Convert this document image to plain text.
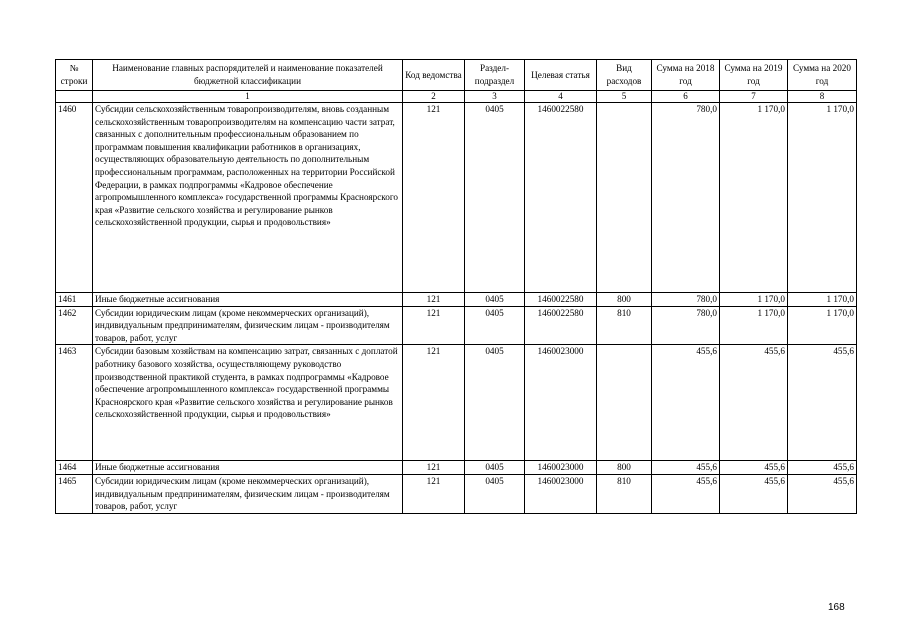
№ строки	Наименование главных распорядителей и наименование показателей бюджетной классификации	Код ведомства	Раздел-подраздел	Целевая статья	Вид расходов	Сумма на 2018 год	Сумма на 2019 год	Сумма на 2020 год
	1	2	3	4	5	6	7	8
1460	Субсидии сельскохозяйственным товаропроизводителям, вновь созданным сельскохозяйственным товаропроизводителям на компенсацию части затрат, связанных с дополнительным профессиональным образованием по программам повышения квалификации работников в организациях, осуществляющих образовательную деятельность по дополнительным профессиональным программам, расположенных на территории Российской Федерации, в рамках подпрограммы «Кадровое обеспечение агропромышленного комплекса» государственной программы Красноярского края «Развитие сельского хозяйства и регулирование рынков сельскохозяйственной продукции, сырья и продовольствия»	121	0405	1460022580		780,0	1 170,0	1 170,0
1461	Иные бюджетные ассигнования	121	0405	1460022580	800	780,0	1 170,0	1 170,0
1462	Субсидии юридическим лицам (кроме некоммерческих организаций), индивидуальным предпринимателям, физическим лицам - производителям товаров, работ, услуг	121	0405	1460022580	810	780,0	1 170,0	1 170,0
1463	Субсидии базовым хозяйствам на компенсацию затрат, связанных с доплатой работнику базового хозяйства, осуществляющему руководство производственной практикой студента, в рамках подпрограммы «Кадровое обеспечение агропромышленного комплекса» государственной программы Красноярского края «Развитие сельского хозяйства и регулирование рынков сельскохозяйственной продукции, сырья и продовольствия»	121	0405	1460023000		455,6	455,6	455,6
1464	Иные бюджетные ассигнования	121	0405	1460023000	800	455,6	455,6	455,6
1465	Субсидии юридическим лицам (кроме некоммерческих организаций), индивидуальным предпринимателям, физическим лицам - производителям товаров, работ, услуг	121	0405	1460023000	810	455,6	455,6	455,6
168
